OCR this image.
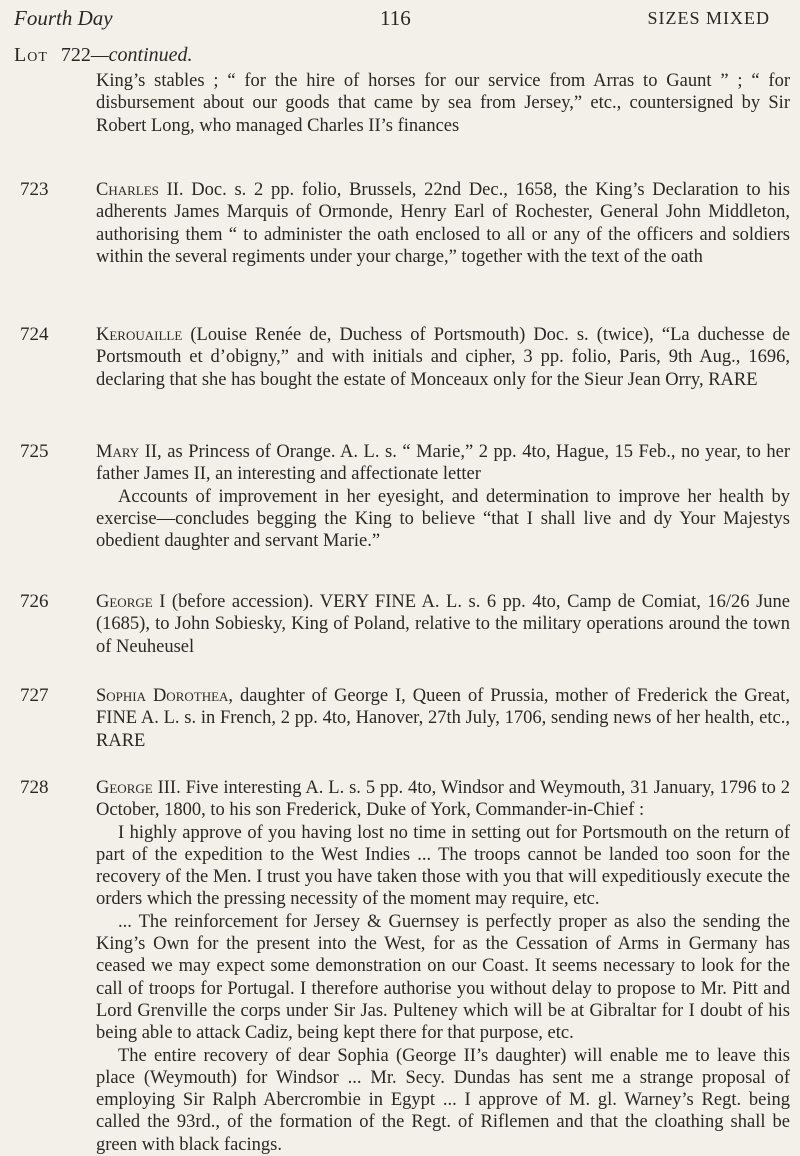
Fourth Day	116	SIZES MIXED
Lot 722—continued.

King’s stables ; “ for the hire of horses for our service from Arras to Gaunt ” ; “ for disbursement about our goods that came by sea from Jersey,” etc., countersigned by Sir Robert Long, who managed Charles II’s finances

723	Charles II. Doc. s. 2 pp. folio, Brussels, 22nd Dec., 1658, the King’s Declaration to his adherents James Marquis of Ormonde, Henry Earl of Rochester, General John Middleton, authorising them “ to administer the oath enclosed to all or any of the officers and soldiers within the several regiments under your charge,” together with the text of the oath

724	Kerouaille (Louise Renée de, Duchess of Portsmouth) Doc. s. (twice), “La duchesse de Portsmouth et d’obigny,” and with initials and cipher, 3 pp. folio, Paris, 9th Aug., 1696, declaring that she has bought the estate of Monceaux only for the Sieur Jean Orry, RARE

725	Mary II, as Princess of Orange. A. L. s. “ Marie,” 2 pp. 4to, Hague, 15 Feb., no year, to her father James II, an interesting and affectionate letter

Accounts of improvement in her eyesight, and determination to improve her health by exercise—concludes begging the King to believe “that I shall live and dy Your Majestys obedient daughter and servant Marie.”

726	George I (before accession). VERY FINE A. L. s. 6 pp. 4to, Camp de Comiat, 16/26 June (1685), to John Sobiesky, King of Poland, relative to the military operations around the town of Neuheusel

727	Sophia Dorothea, daughter of George I, Queen of Prussia, mother of Frederick the Great, FINE A. L. s. in French, 2 pp. 4to, Hanover, 27th July, 1706, sending news of her health, etc., RARE

728	George III. Five interesting A. L. s. 5 pp. 4to, Windsor and Weymouth, 31 January, 1796 to 2 October, 1800, to his son Frederick, Duke of York, Commander-in-Chief :

I highly approve of you having lost no time in setting out for Portsmouth on the return of part of the expedition to the West Indies ... The troops cannot be landed too soon for the recovery of the Men. I trust you have taken those with you that will expeditiously execute the orders which the pressing necessity of the moment may require, etc.

... The reinforcement for Jersey & Guernsey is perfectly proper as also the sending the King’s Own for the present into the West, for as the Cessation of Arms in Germany has ceased we may expect some demonstration on our Coast. It seems necessary to look for the call of troops for Portugal. I therefore authorise you without delay to propose to Mr. Pitt and Lord Grenville the corps under Sir Jas. Pulteney which will be at Gibraltar for I doubt of his being able to attack Cadiz, being kept there for that purpose, etc.

The entire recovery of dear Sophia (George II’s daughter) will enable me to leave this place (Weymouth) for Windsor ... Mr. Secy. Dundas has sent me a strange proposal of employing Sir Ralph Abercrombie in Egypt ... I approve of M. gl. Warney’s Regt. being called the 93rd., of the formation of the Regt. of Riflemen and that the cloathing shall be green with black facings.
